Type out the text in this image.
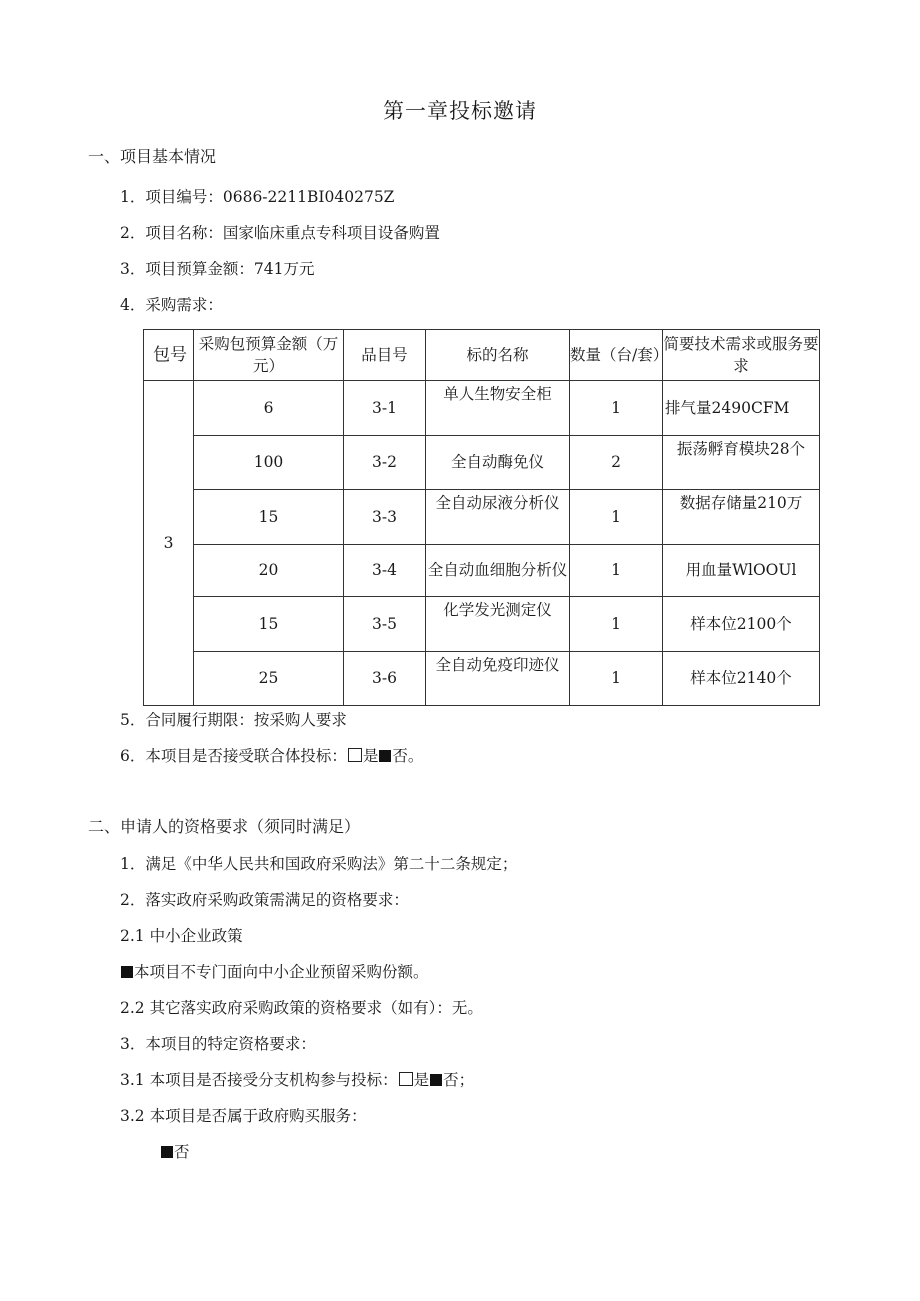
第一章投标邀请
一、项目基本情况
1．项目编号：0686-2211BI040275Z
2．项目名称：国家临床重点专科项目设备购置
3．项目预算金额：741万元
4．采购需求：
包号	采购包预算金额（万元）	品目号	标的名称	数量（台/套）	简要技术需求或服务要求
3	6	3-1	单人生物安全柜	1	排气量2490CFM
	100	3-2	全自动酶免仪	2	振荡孵育模块28个
	15	3-3	全自动尿液分析仪	1	数据存储量210万
	20	3-4	全自动血细胞分析仪	1	用血量WlOOUl
	15	3-5	化学发光测定仪	1	样本位2100个
	25	3-6	全自动免疫印迹仪	1	样本位2140个
5．合同履行期限：按采购人要求
6．本项目是否接受联合体投标： 是 否。
二、申请人的资格要求（须同时满足）
1．满足《中华人民共和国政府采购法》第二十二条规定；
2．落实政府采购政策需满足的资格要求：
2.1 中小企业政策
本项目不专门面向中小企业预留采购份额。
2.2 其它落实政府采购政策的资格要求（如有）：无。
3．本项目的特定资格要求：
3.1 本项目是否接受分支机构参与投标： 是 否；
3.2 本项目是否属于政府购买服务：
否
